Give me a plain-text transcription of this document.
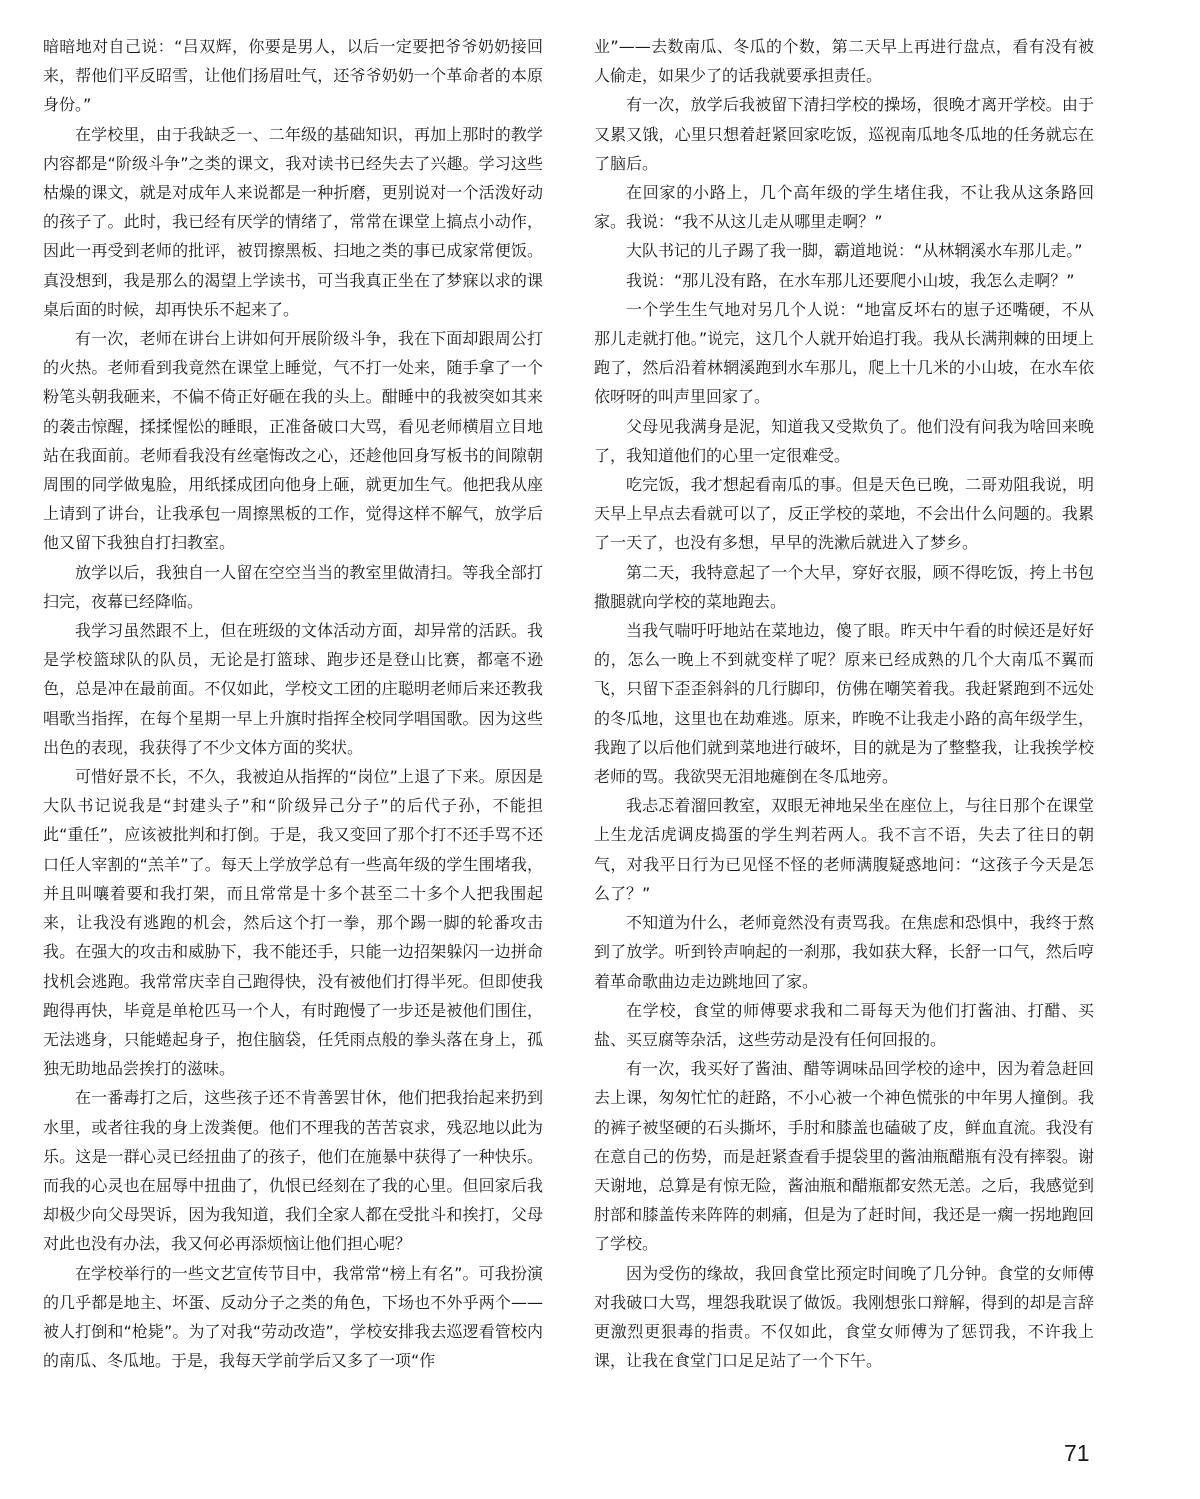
暗暗地对自己说：“吕双辉，你要是男人，以后一定要把爷爷奶奶接回来，帮他们平反昭雪，让他们扬眉吐气，还爷爷奶奶一个革命者的本原身份。”

在学校里，由于我缺乏一、二年级的基础知识，再加上那时的教学内容都是“阶级斗争”之类的课文，我对读书已经失去了兴趣。学习这些枯燥的课文，就是对成年人来说都是一种折磨，更别说对一个活泼好动的孩子了。此时，我已经有厌学的情绪了，常常在课堂上搞点小动作，因此一再受到老师的批评，被罚擦黑板、扫地之类的事已成家常便饭。真没想到，我是那么的渴望上学读书，可当我真正坐在了梦寐以求的课桌后面的时候，却再快乐不起来了。

有一次，老师在讲台上讲如何开展阶级斗争，我在下面却跟周公打的火热。老师看到我竟然在课堂上睡觉，气不打一处来，随手拿了一个粉笔头朝我砸来，不偏不倚正好砸在我的头上。酣睡中的我被突如其来的袭击惊醒，揉揉惺忪的睡眼，正准备破口大骂，看见老师横眉立目地站在我面前。老师看我没有丝毫悔改之心，还趁他回身写板书的间隙朝周围的同学做鬼脸，用纸揉成团向他身上砸，就更加生气。他把我从座上请到了讲台，让我承包一周擦黑板的工作，觉得这样不解气，放学后他又留下我独自打扫教室。

放学以后，我独自一人留在空空当当的教室里做清扫。等我全部打扫完，夜幕已经降临。

我学习虽然跟不上，但在班级的文体活动方面，却异常的活跃。我是学校篮球队的队员，无论是打篮球、跑步还是登山比赛，都毫不逊色，总是冲在最前面。不仅如此，学校文工团的庄聪明老师后来还教我唱歌当指挥，在每个星期一早上升旗时指挥全校同学唱国歌。因为这些出色的表现，我获得了不少文体方面的奖状。

可惜好景不长，不久，我被迫从指挥的“岗位”上退了下来。原因是大队书记说我是“封建头子”和“阶级异己分子”的后代子孙，不能担此“重任”，应该被批判和打倒。于是，我又变回了那个打不还手骂不还口任人宰割的“羔羊”了。每天上学放学总有一些高年级的学生围堵我，并且叫嚷着要和我打架，而且常常是十多个甚至二十多个人把我围起来，让我没有逃跑的机会，然后这个打一拳，那个踢一脚的轮番攻击我。在强大的攻击和威胁下，我不能还手，只能一边招架躲闪一边拼命找机会逃跑。我常常庆幸自己跑得快，没有被他们打得半死。但即使我跑得再快，毕竟是单枪匹马一个人，有时跑慢了一步还是被他们围住，无法逃身，只能蜷起身子，抱住脑袋，任凭雨点般的拳头落在身上，孤独无助地品尝挨打的滋味。

在一番毒打之后，这些孩子还不肯善罢甘休，他们把我抬起来扔到水里，或者往我的身上泼粪便。他们不理我的苦苦哀求，残忍地以此为乐。这是一群心灵已经扭曲了的孩子，他们在施暴中获得了一种快乐。而我的心灵也在屈辱中扭曲了，仇恨已经刻在了我的心里。但回家后我却极少向父母哭诉，因为我知道，我们全家人都在受批斗和挨打，父母对此也没有办法，我又何必再添烦恼让他们担心呢？

在学校举行的一些文艺宣传节目中，我常常“榜上有名”。可我扮演的几乎都是地主、坏蛋、反动分子之类的角色，下场也不外乎两个——被人打倒和“枪毙”。为了对我“劳动改造”，学校安排我去巡逻看管校内的南瓜、冬瓜地。于是，我每天学前学后又多了一项“作

业”——去数南瓜、冬瓜的个数，第二天早上再进行盘点，看有没有被人偷走，如果少了的话我就要承担责任。

有一次，放学后我被留下清扫学校的操场，很晚才离开学校。由于又累又饿，心里只想着赶紧回家吃饭，巡视南瓜地冬瓜地的任务就忘在了脑后。

在回家的小路上，几个高年级的学生堵住我，不让我从这条路回家。我说：“我不从这儿走从哪里走啊？”

大队书记的儿子踢了我一脚，霸道地说：“从林辋溪水车那儿走。”

我说：“那儿没有路，在水车那儿还要爬小山坡，我怎么走啊？”

一个学生生气地对另几个人说：“地富反坏右的崽子还嘴硬，不从那儿走就打他。”说完，这几个人就开始追打我。我从长满荆棘的田埂上跑了，然后沿着林辋溪跑到水车那儿，爬上十几米的小山坡，在水车依依呀呀的叫声里回家了。

父母见我满身是泥，知道我又受欺负了。他们没有问我为啥回来晚了，我知道他们的心里一定很难受。

吃完饭，我才想起看南瓜的事。但是天色已晚，二哥劝阻我说，明天早上早点去看就可以了，反正学校的菜地，不会出什么问题的。我累了一天了，也没有多想，早早的洗漱后就进入了梦乡。

第二天，我特意起了一个大早，穿好衣服，顾不得吃饭，挎上书包撒腿就向学校的菜地跑去。

当我气喘吁吁地站在菜地边，傻了眼。昨天中午看的时候还是好好的，怎么一晚上不到就变样了呢？原来已经成熟的几个大南瓜不翼而飞，只留下歪歪斜斜的几行脚印，仿佛在嘲笑着我。我赶紧跑到不远处的冬瓜地，这里也在劫难逃。原来，昨晚不让我走小路的高年级学生，我跑了以后他们就到菜地进行破坏，目的就是为了整整我，让我挨学校老师的骂。我欲哭无泪地瘫倒在冬瓜地旁。

我忐忑着溜回教室，双眼无神地呆坐在座位上，与往日那个在课堂上生龙活虎调皮捣蛋的学生判若两人。我不言不语，失去了往日的朝气，对我平日行为已见怪不怪的老师满腹疑惑地问：“这孩子今天是怎么了？”

不知道为什么，老师竟然没有责骂我。在焦虑和恐惧中，我终于熬到了放学。听到铃声响起的一刹那，我如获大释，长舒一口气，然后哼着革命歌曲边走边跳地回了家。

在学校，食堂的师傅要求我和二哥每天为他们打酱油、打醋、买盐、买豆腐等杂活，这些劳动是没有任何回报的。

有一次，我买好了酱油、醋等调味品回学校的途中，因为着急赶回去上课，匆匆忙忙的赶路，不小心被一个神色慌张的中年男人撞倒。我的裤子被坚硬的石头撕坏，手肘和膝盖也磕破了皮，鲜血直流。我没有在意自己的伤势，而是赶紧查看手提袋里的酱油瓶醋瓶有没有摔裂。谢天谢地，总算是有惊无险，酱油瓶和醋瓶都安然无恙。之后，我感觉到肘部和膝盖传来阵阵的刺痛，但是为了赶时间，我还是一瘸一拐地跑回了学校。

因为受伤的缘故，我回食堂比预定时间晚了几分钟。食堂的女师傅对我破口大骂，埋怨我耽误了做饭。我刚想张口辩解，得到的却是言辞更激烈更狠毒的指责。不仅如此，食堂女师傅为了惩罚我，不许我上课，让我在食堂门口足足站了一个下午。

71
